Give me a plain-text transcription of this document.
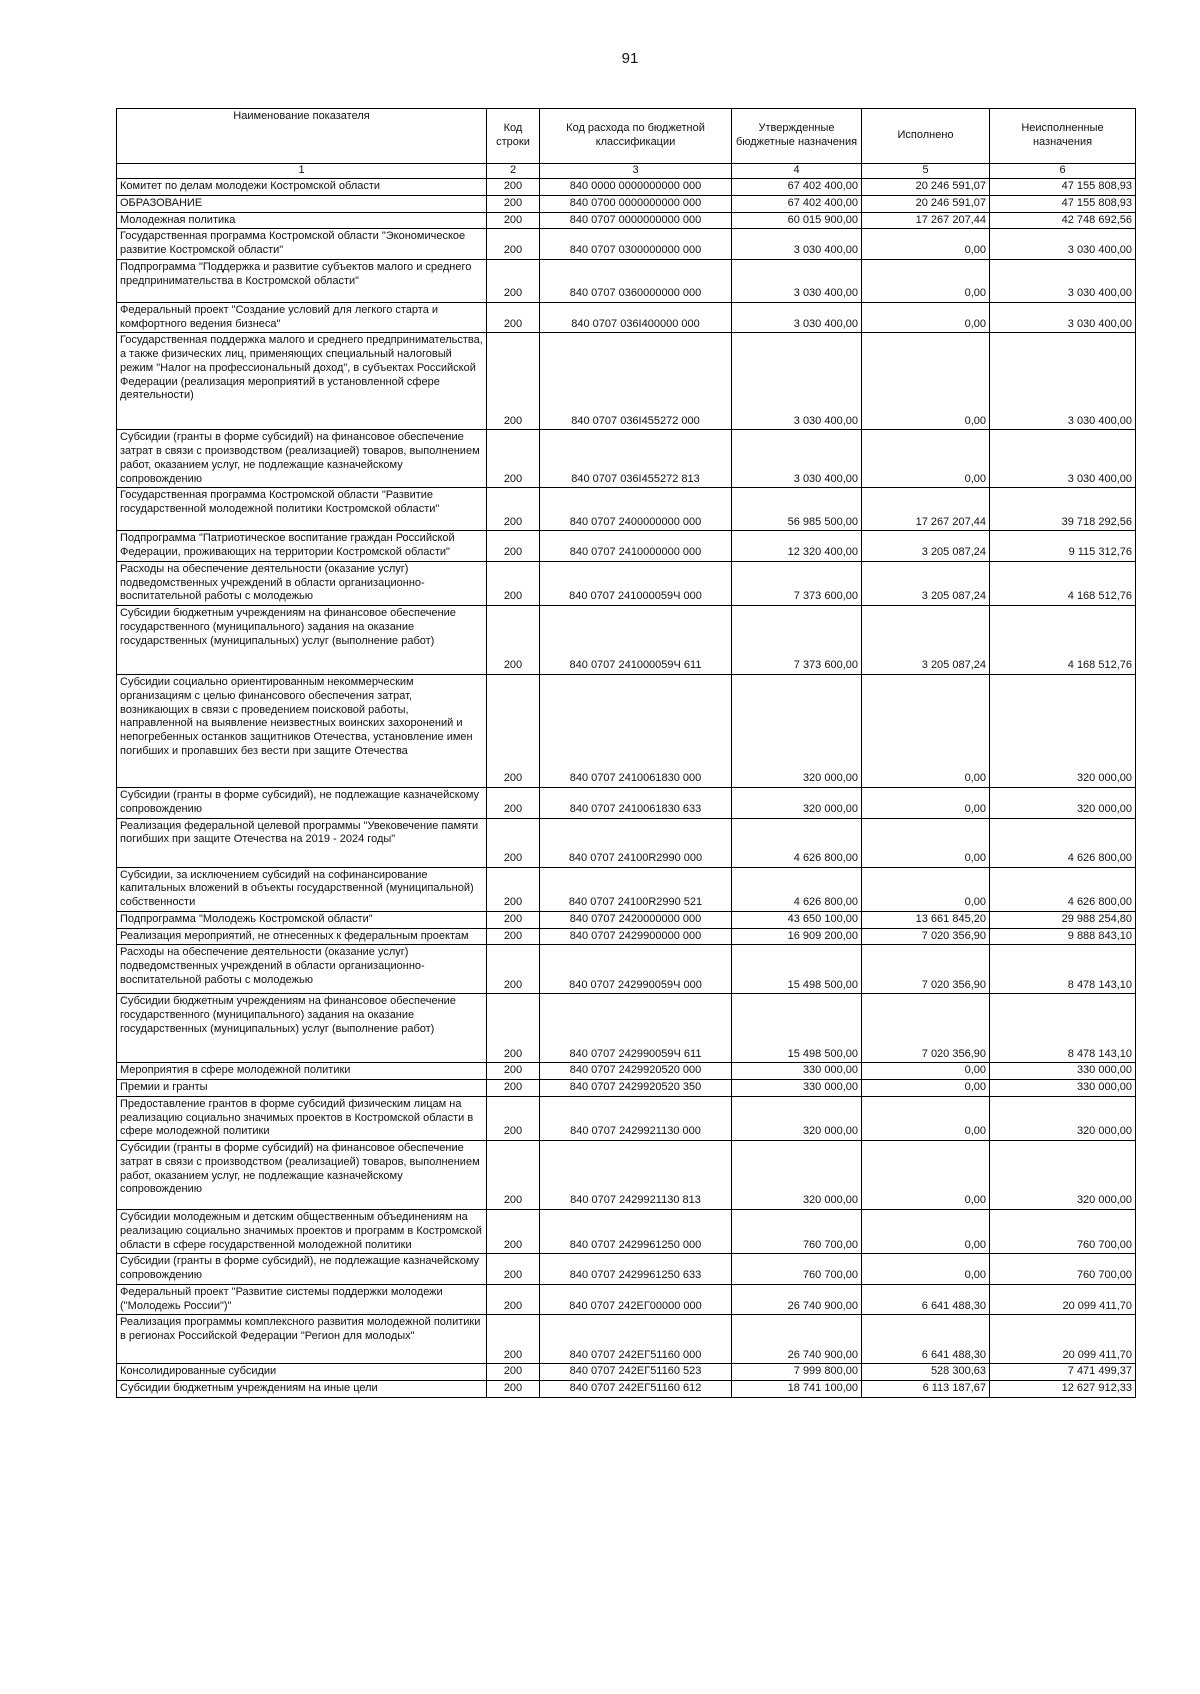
91
Наименование показателя	Код строки	Код расхода по бюджетной классификации	Утвержденные бюджетные назначения	Исполнено	Неисполненные назначения
1	2	3	4	5	6
Комитет по делам молодежи Костромской области	200	840 0000 0000000000 000	67 402 400,00	20 246 591,07	47 155 808,93
ОБРАЗОВАНИЕ	200	840 0700 0000000000 000	67 402 400,00	20 246 591,07	47 155 808,93
Молодежная политика	200	840 0707 0000000000 000	60 015 900,00	17 267 207,44	42 748 692,56
Государственная программа Костромской области "Экономическое развитие Костромской области"	200	840 0707 0300000000 000	3 030 400,00	0,00	3 030 400,00
Подпрограмма "Поддержка и развитие субъектов малого и среднего предпринимательства в Костромской области"	200	840 0707 0360000000 000	3 030 400,00	0,00	3 030 400,00
Федеральный проект "Создание условий для легкого старта и комфортного ведения бизнеса"	200	840 0707 036I400000 000	3 030 400,00	0,00	3 030 400,00
Государственная поддержка малого и среднего предпринимательства, а также физических лиц, применяющих специальный налоговый режим "Налог на профессиональный доход", в субъектах Российской Федерации (реализация мероприятий в установленной сфере деятельности)	200	840 0707 036I455272 000	3 030 400,00	0,00	3 030 400,00
Субсидии (гранты в форме субсидий) на финансовое обеспечение затрат в связи с производством (реализацией) товаров, выполнением работ, оказанием услуг, не подлежащие казначейскому сопровождению	200	840 0707 036I455272 813	3 030 400,00	0,00	3 030 400,00
Государственная программа Костромской области "Развитие государственной молодежной политики Костромской области"	200	840 0707 2400000000 000	56 985 500,00	17 267 207,44	39 718 292,56
Подпрограмма "Патриотическое воспитание граждан Российской Федерации, проживающих на территории Костромской области"	200	840 0707 2410000000 000	12 320 400,00	3 205 087,24	9 115 312,76
Расходы на обеспечение деятельности (оказание услуг) подведомственных учреждений в области организационно-воспитательной работы с молодежью	200	840 0707 241000059Ч 000	7 373 600,00	3 205 087,24	4 168 512,76
Субсидии бюджетным учреждениям на финансовое обеспечение государственного (муниципального) задания на оказание государственных (муниципальных) услуг (выполнение работ)	200	840 0707 241000059Ч 611	7 373 600,00	3 205 087,24	4 168 512,76
Субсидии социально ориентированным некоммерческим организациям с целью финансового обеспечения затрат, возникающих в связи с проведением поисковой работы, направленной на выявление неизвестных воинских захоронений и непогребенных останков защитников Отечества, установление имен погибших и пропавших без вести при защите Отечества	200	840 0707 2410061830 000	320 000,00	0,00	320 000,00
Субсидии (гранты в форме субсидий), не подлежащие казначейскому сопровождению	200	840 0707 2410061830 633	320 000,00	0,00	320 000,00
Реализация федеральной целевой программы "Увековечение памяти погибших при защите Отечества на 2019 - 2024 годы"	200	840 0707 24100R2990 000	4 626 800,00	0,00	4 626 800,00
Субсидии, за исключением субсидий на софинансирование капитальных вложений в объекты государственной (муниципальной) собственности	200	840 0707 24100R2990 521	4 626 800,00	0,00	4 626 800,00
Подпрограмма "Молодежь Костромской области"	200	840 0707 2420000000 000	43 650 100,00	13 661 845,20	29 988 254,80
Реализация мероприятий, не отнесенных к федеральным проектам	200	840 0707 2429900000 000	16 909 200,00	7 020 356,90	9 888 843,10
Расходы на обеспечение деятельности (оказание услуг) подведомственных учреждений в области организационно-воспитательной работы с молодежью	200	840 0707 242990059Ч 000	15 498 500,00	7 020 356,90	8 478 143,10
Субсидии бюджетным учреждениям на финансовое обеспечение государственного (муниципального) задания на оказание государственных (муниципальных) услуг (выполнение работ)	200	840 0707 242990059Ч 611	15 498 500,00	7 020 356,90	8 478 143,10
Мероприятия в сфере молодежной политики	200	840 0707 2429920520 000	330 000,00	0,00	330 000,00
Премии и гранты	200	840 0707 2429920520 350	330 000,00	0,00	330 000,00
Предоставление грантов в форме субсидий физическим лицам на реализацию социально значимых проектов в Костромской области в сфере молодежной политики	200	840 0707 2429921130 000	320 000,00	0,00	320 000,00
Субсидии (гранты в форме субсидий) на финансовое обеспечение затрат в связи с производством (реализацией) товаров, выполнением работ, оказанием услуг, не подлежащие казначейскому сопровождению	200	840 0707 2429921130 813	320 000,00	0,00	320 000,00
Субсидии молодежным и детским общественным объединениям на реализацию социально значимых проектов и программ в Костромской области в сфере государственной молодежной политики	200	840 0707 2429961250 000	760 700,00	0,00	760 700,00
Субсидии (гранты в форме субсидий), не подлежащие казначейскому сопровождению	200	840 0707 2429961250 633	760 700,00	0,00	760 700,00
Федеральный проект "Развитие системы поддержки молодежи ("Молодежь России")"	200	840 0707 242ЕГ00000 000	26 740 900,00	6 641 488,30	20 099 411,70
Реализация программы комплексного развития молодежной политики в регионах Российской Федерации "Регион для молодых"	200	840 0707 242ЕГ51160 000	26 740 900,00	6 641 488,30	20 099 411,70
Консолидированные субсидии	200	840 0707 242ЕГ51160 523	7 999 800,00	528 300,63	7 471 499,37
Субсидии бюджетным учреждениям на иные цели	200	840 0707 242ЕГ51160 612	18 741 100,00	6 113 187,67	12 627 912,33
